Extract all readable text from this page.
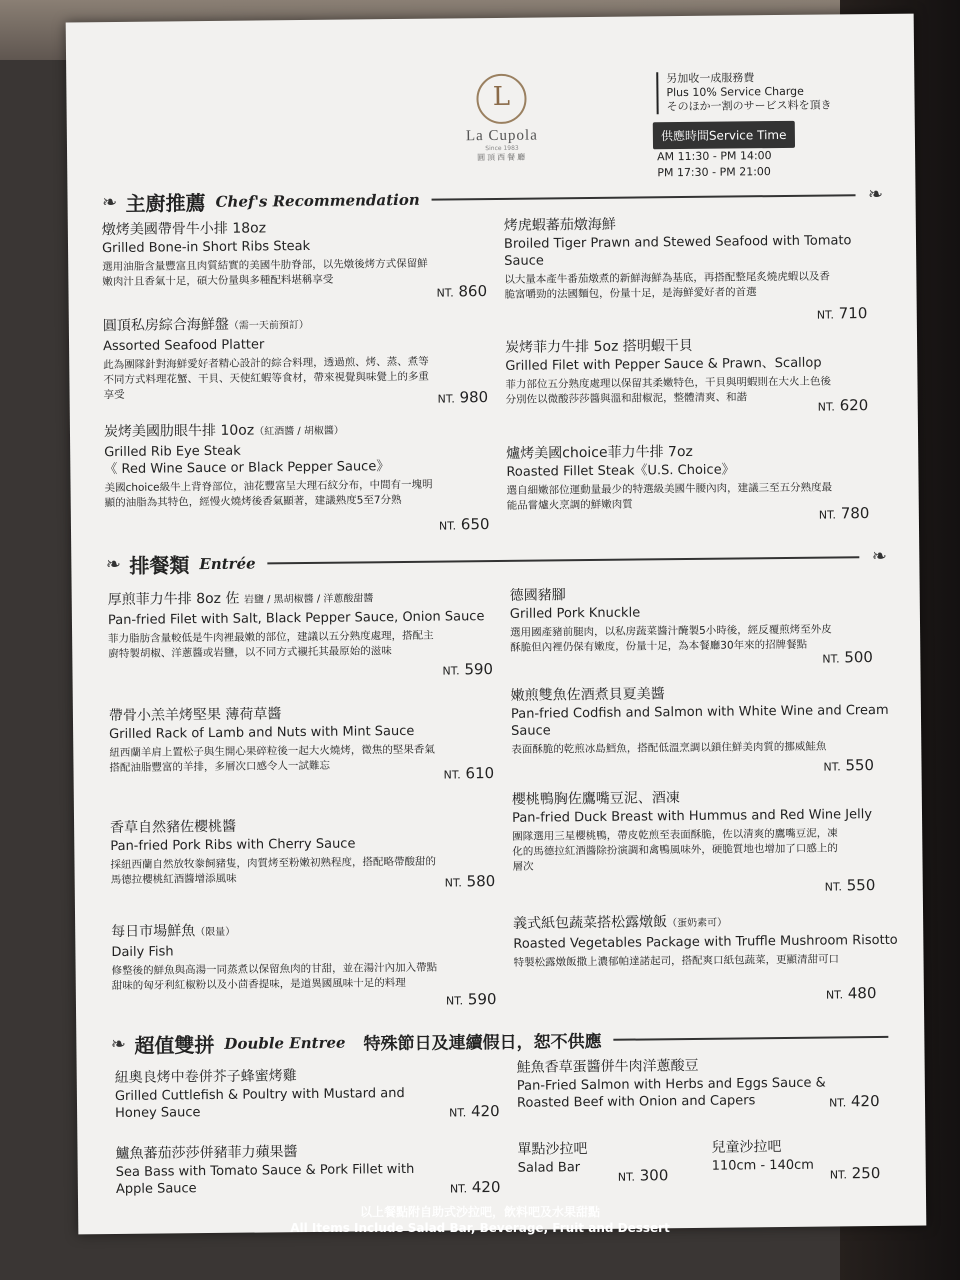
L
La Cupola
Since 1983
圓頂西餐廳
另加收一成服務費
Plus 10% Service Charge
そのほか一割のサービス料を頂き
供應時間Service Time
AM 11:30 - PM 14:00
PM 17:30 - PM 21:00
❧ 主廚推薦 Chef's Recommendation	❧
燉烤美國帶骨牛小排 18oz
Grilled Bone-in Short Ribs Steak
選用油脂含量豐富且肉質結實的美國牛肋脊部，以先燉後烤方式保留鮮嫩肉汁且香氣十足，碩大份量與多種配料堪稱享受
NT. 860
圓頂私房綜合海鮮盤（需一天前預訂）
Assorted Seafood Platter
此為團隊針對海鮮愛好者精心設計的綜合料理，透過煎、烤、蒸、煮等不同方式料理花蟹、干貝、天使紅蝦等食材，帶來視覺與味覺上的多重享受	NT. 980
炭烤美國肋眼牛排 10oz（紅酒醬 / 胡椒醬）
Grilled Rib Eye Steak
《 Red Wine Sauce or Black Pepper Sauce》
美國choice級牛上背脊部位，油花豐富呈大理石紋分布，中間有一塊明顯的油脂為其特色，經慢火燒烤後香氣顯著，建議熟度5至7分熟
NT. 650
烤虎蝦蕃茄燉海鮮
Broiled Tiger Prawn and Stewed Seafood with Tomato Sauce
以大量本產牛番茄燉煮的新鮮海鮮為基底，再搭配整尾炙燒虎蝦以及香脆富嚼勁的法國麵包，份量十足，是海鮮愛好者的首選
NT. 710
炭烤菲力牛排 5oz 搭明蝦干貝
Grilled Filet with Pepper Sauce & Prawn、Scallop
菲力部位五分熟度處理以保留其柔嫩特色，干貝與明蝦則在大火上色後分別佐以微酸莎莎醬與溫和甜椒泥，整體清爽、和諧
NT. 620
爐烤美國choice菲力牛排 7oz
Roasted Fillet Steak《U.S. Choice》
選自細嫩部位運動量最少的特選級美國牛腰內肉，建議三至五分熟度最能品嘗爐火烹調的鮮嫩肉質
NT. 780
❧ 排餐類 Entrée	❧
厚煎菲力牛排 8oz 佐 岩鹽 / 黑胡椒醬 / 洋蔥酸甜醬
Pan-fried Filet with Salt, Black Pepper Sauce, Onion Sauce
菲力脂肪含量較低是牛肉裡最嫩的部位，建議以五分熟度處理，搭配主廚特製胡椒、洋蔥醬或岩鹽，以不同方式襯托其最原始的滋味
NT. 590
帶骨小羔羊烤堅果 薄荷草醬
Grilled Rack of Lamb and Nuts with Mint Sauce
紐西蘭羊肩上置松子與生開心果碎粒後一起大火燒烤，微焦的堅果香氣搭配油脂豐富的羊排，多層次口感令人一試難忘
NT. 610
香草自然豬佐櫻桃醬
Pan-fried Pork Ribs with Cherry Sauce
採紐西蘭自然放牧豢飼豬隻，肉質烤至粉嫩初熟程度，搭配略帶酸甜的馬德拉櫻桃紅酒醬增添風味	NT. 580
每日市場鮮魚（限量）
Daily Fish
修整後的鮮魚與高湯一同蒸煮以保留魚肉的甘甜，並在湯汁內加入帶點甜味的匈牙利紅椒粉以及小茴香提味，是道異國風味十足的料理
NT. 590
德國豬腳
Grilled Pork Knuckle
選用國產豬前腿肉，以私房蔬菜醬汁醃製5小時後，經反覆煎烤至外皮酥脆但內裡仍保有嫩度，份量十足，為本餐廳30年來的招牌餐點
NT. 500
嫩煎雙魚佐酒煮貝夏美醬
Pan-fried Codfish and Salmon with White Wine and Cream Sauce
表面酥脆的乾煎冰島鱈魚，搭配低溫烹調以鎖住鮮美肉質的挪威鮭魚
NT. 550
櫻桃鴨胸佐鷹嘴豆泥、酒凍
Pan-fried Duck Breast with Hummus and Red Wine Jelly
團隊選用三星櫻桃鴨，帶皮乾煎至表面酥脆，佐以清爽的鷹嘴豆泥，凍化的馬德拉紅酒醬除扮演調和禽鴨風味外，硬脆質地也增加了口感上的層次
NT. 550
義式紙包蔬菜搭松露燉飯（蛋奶素可）
Roasted Vegetables Package with Truffle Mushroom Risotto
特製松露燉飯撒上濃郁帕達諾起司，搭配爽口紙包蔬菜，更顯清甜可口
NT. 480
❧ 超值雙拼 Double Entree 特殊節日及連續假日，恕不供應
紐奧良烤中卷併芥子蜂蜜烤雞
Grilled Cuttlefish & Poultry with Mustard and Honey Sauce	NT. 420
鱸魚蕃茄莎莎併豬菲力蘋果醬
Sea Bass with Tomato Sauce & Pork Fillet with Apple Sauce	NT. 420
鮭魚香草蛋醬併牛肉洋蔥酸豆
Pan-Fried Salmon with Herbs and Eggs Sauce & Roasted Beef with Onion and Capers	NT. 420
單點沙拉吧
Salad Bar
NT. 300
兒童沙拉吧
110cm - 140cm
NT. 250
以上餐點附自助式沙拉吧，飲料吧及水果甜點
All Items Include Salad Bar, Beverage, Fruit and Dessert
